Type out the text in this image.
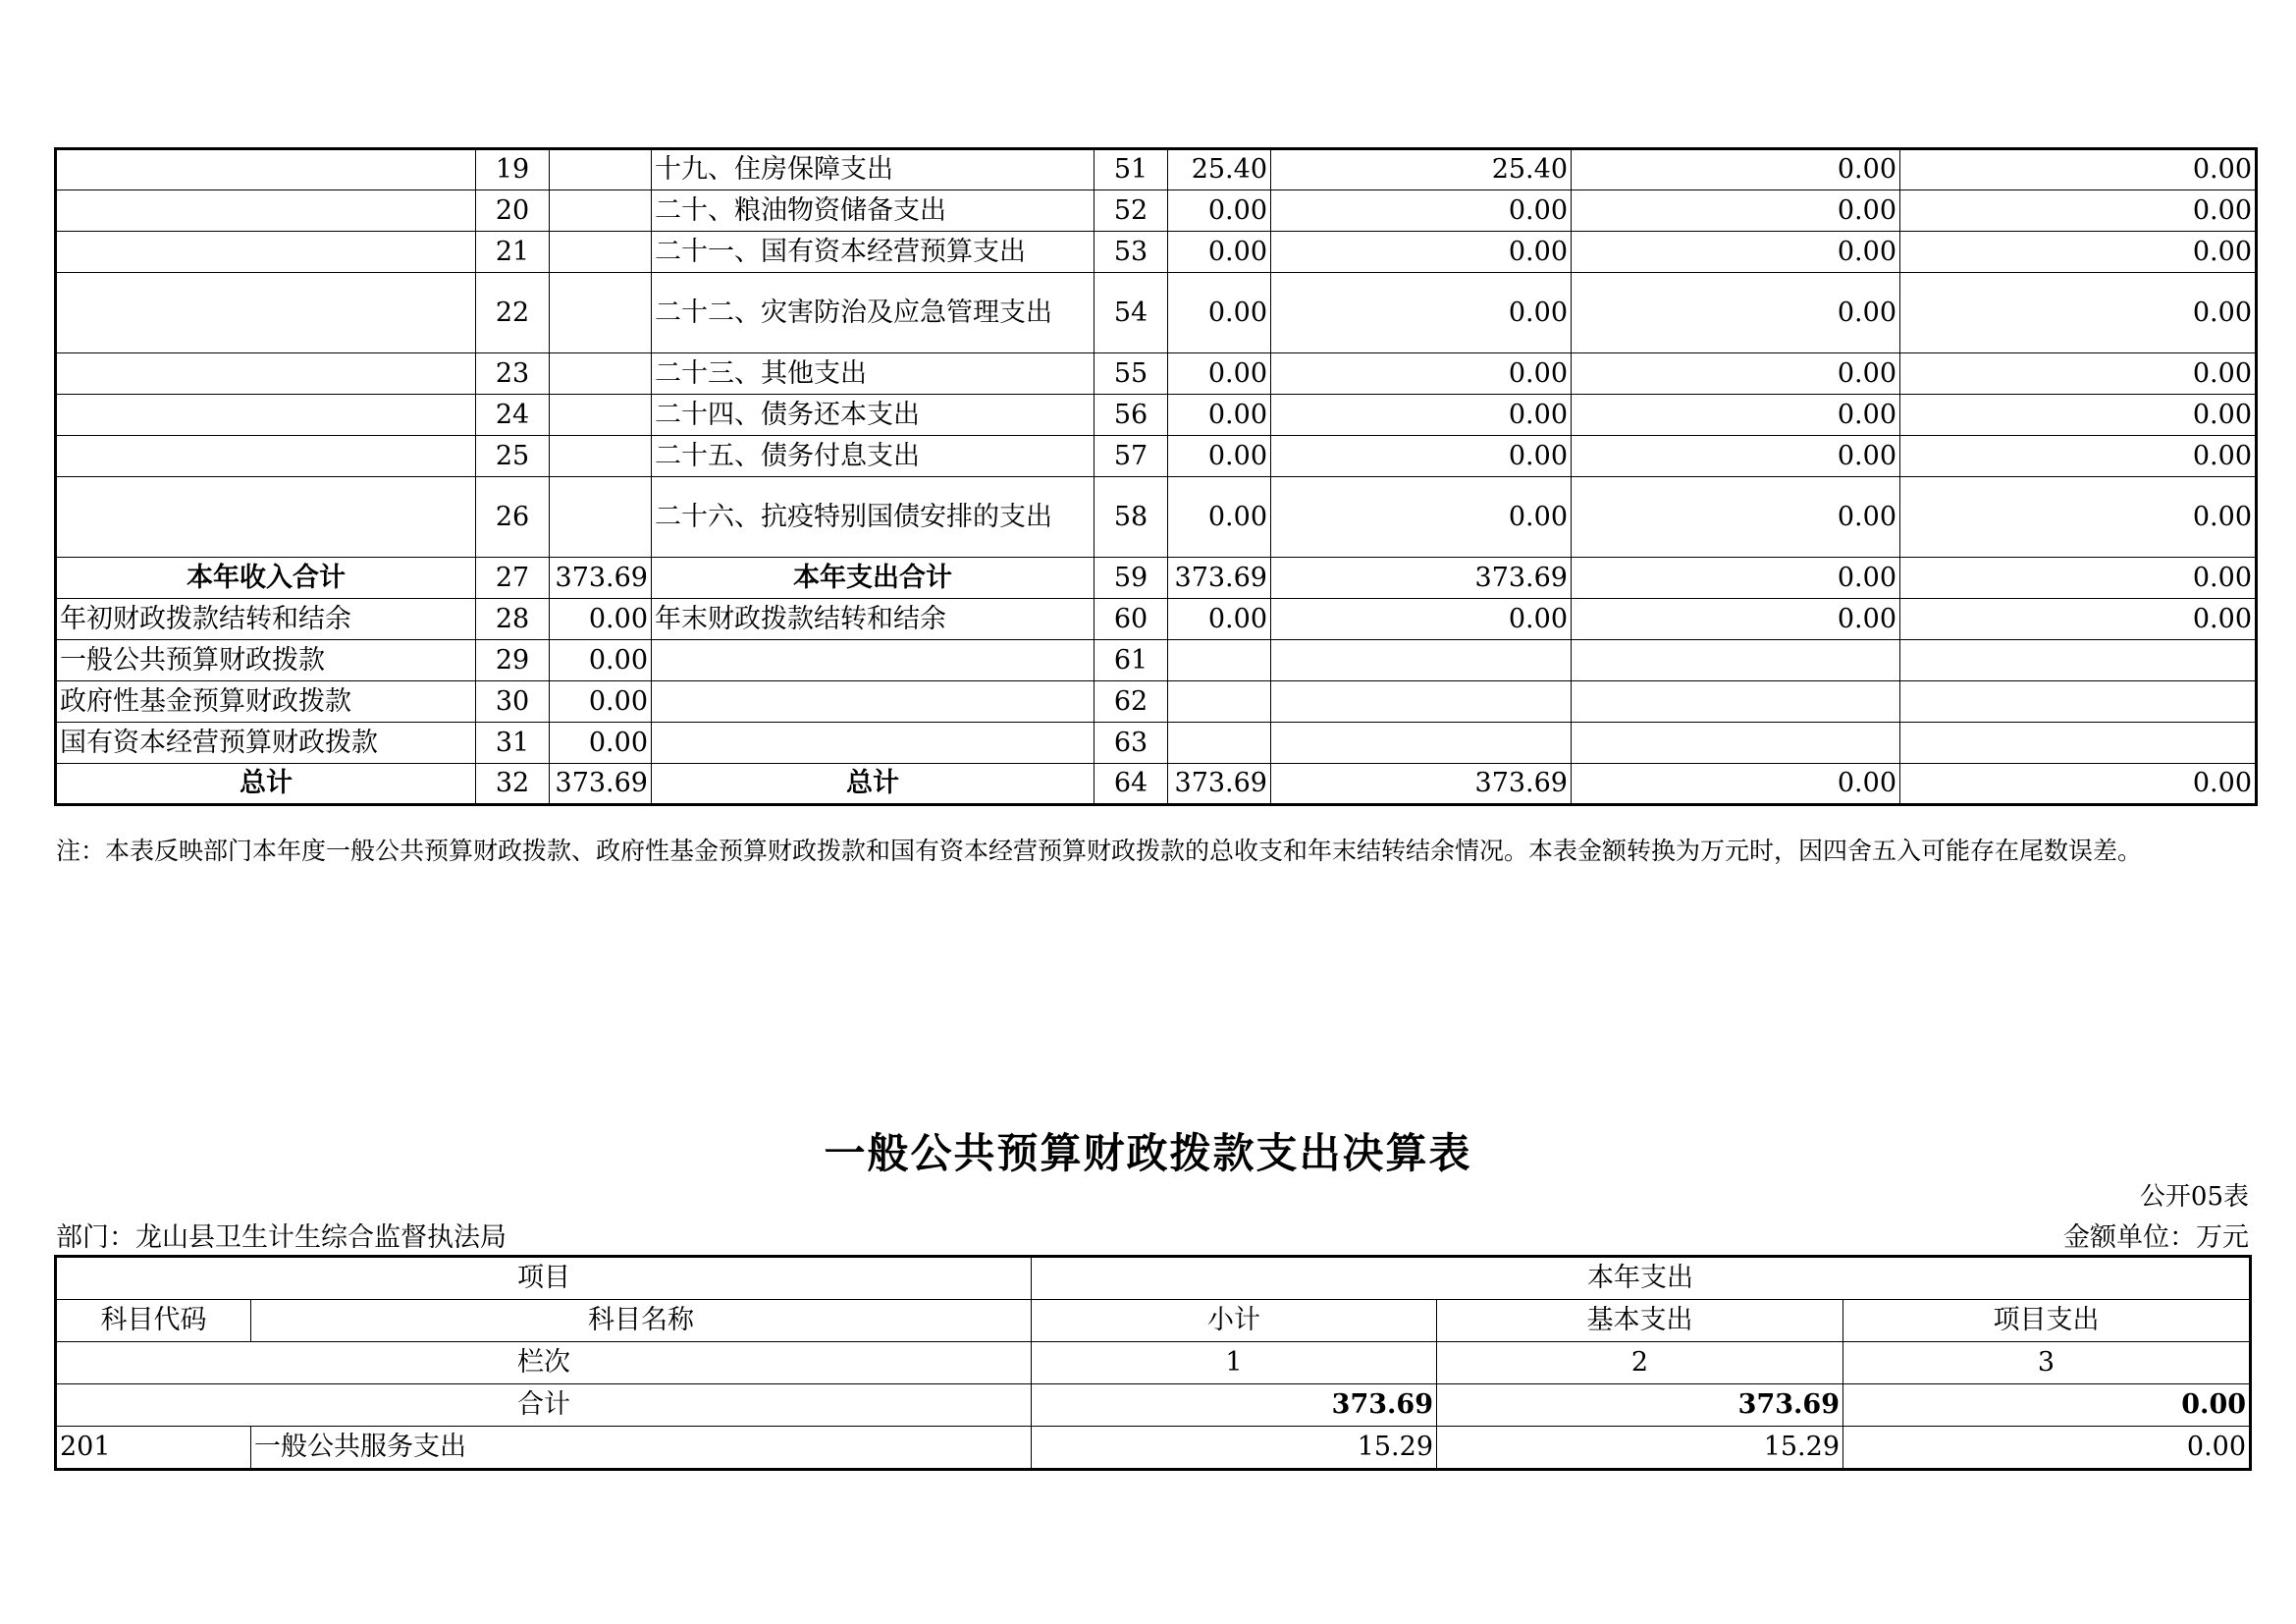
	19		十九、住房保障支出	51	25.40	25.40	0.00	0.00
	20		二十、粮油物资储备支出	52	0.00	0.00	0.00	0.00
	21		二十一、国有资本经营预算支出	53	0.00	0.00	0.00	0.00
	22		二十二、灾害防治及应急管理支出	54	0.00	0.00	0.00	0.00
	23		二十三、其他支出	55	0.00	0.00	0.00	0.00
	24		二十四、债务还本支出	56	0.00	0.00	0.00	0.00
	25		二十五、债务付息支出	57	0.00	0.00	0.00	0.00
	26		二十六、抗疫特别国债安排的支出	58	0.00	0.00	0.00	0.00
本年收入合计	27	373.69	本年支出合计	59	373.69	373.69	0.00	0.00
年初财政拨款结转和结余	28	0.00	年末财政拨款结转和结余	60	0.00	0.00	0.00	0.00
一般公共预算财政拨款	29	0.00		61				
政府性基金预算财政拨款	30	0.00		62				
国有资本经营预算财政拨款	31	0.00		63				
总计	32	373.69	总计	64	373.69	373.69	0.00	0.00

注：本表反映部门本年度一般公共预算财政拨款、政府性基金预算财政拨款和国有资本经营预算财政拨款的总收支和年末结转结余情况。本表金额转换为万元时，因四舍五入可能存在尾数误差。

一般公共预算财政拨款支出决算表

公开05表

部门：龙山县卫生计生综合监督执法局	金额单位：万元

项目		本年支出		
科目代码	科目名称	小计	基本支出	项目支出
栏次		1	2	3
合计		373.69	373.69	0.00
201	一般公共服务支出	15.29	15.29	0.00
